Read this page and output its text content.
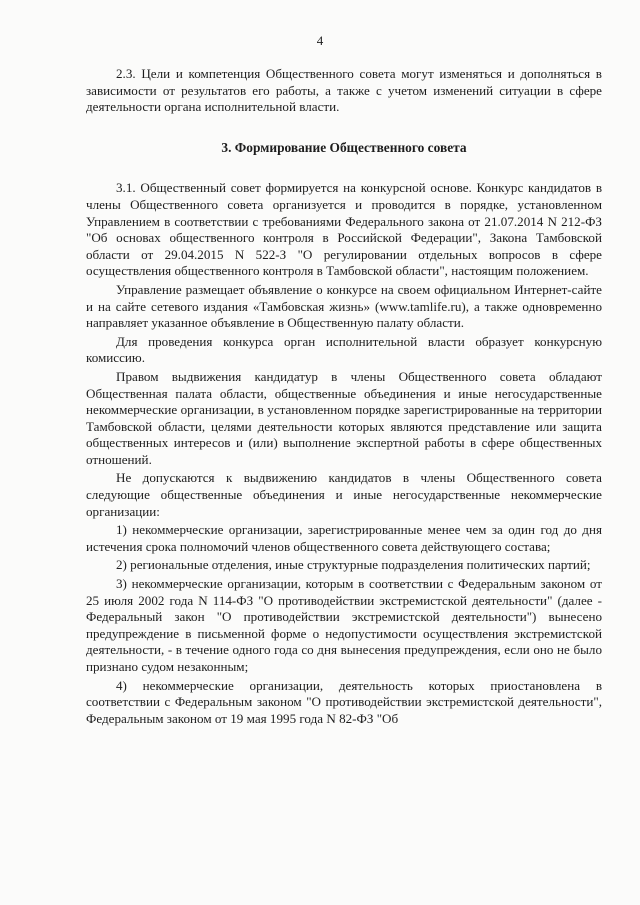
4

2.3. Цели и компетенция Общественного совета могут изменяться и дополняться в зависимости от результатов его работы, а также с учетом изменений ситуации в сфере деятельности органа исполнительной власти.

3. Формирование Общественного совета

3.1. Общественный совет формируется на конкурсной основе. Конкурс кандидатов в члены Общественного совета организуется и проводится в порядке, установленном Управлением в соответствии с требованиями Федерального закона от 21.07.2014 N 212-ФЗ "Об основах общественного контроля в Российской Федерации", Закона Тамбовской области от 29.04.2015 N 522-З "О регулировании отдельных вопросов в сфере осуществления общественного контроля в Тамбовской области", настоящим положением.

Управление размещает объявление о конкурсе на своем официальном Интернет-сайте и на сайте сетевого издания «Тамбовская жизнь» (www.tamlife.ru), а также одновременно направляет указанное объявление в Общественную палату области.

Для проведения конкурса орган исполнительной власти образует конкурсную комиссию.

Правом выдвижения кандидатур в члены Общественного совета обладают Общественная палата области, общественные объединения и иные негосударственные некоммерческие организации, в установленном порядке зарегистрированные на территории Тамбовской области, целями деятельности которых являются представление или защита общественных интересов и (или) выполнение экспертной работы в сфере общественных отношений.

Не допускаются к выдвижению кандидатов в члены Общественного совета следующие общественные объединения и иные негосударственные некоммерческие организации:

1) некоммерческие организации, зарегистрированные менее чем за один год до дня истечения срока полномочий членов общественного совета действующего состава;

2) региональные отделения, иные структурные подразделения политических партий;

3) некоммерческие организации, которым в соответствии с Федеральным законом от 25 июля 2002 года N 114-ФЗ "О противодействии экстремистской деятельности" (далее - Федеральный закон "О противодействии экстремистской деятельности") вынесено предупреждение в письменной форме о недопустимости осуществления экстремистской деятельности, - в течение одного года со дня вынесения предупреждения, если оно не было признано судом незаконным;

4) некоммерческие организации, деятельность которых приостановлена в соответствии с Федеральным законом "О противодействии экстремистской деятельности", Федеральным законом от 19 мая 1995 года N 82-ФЗ "Об
